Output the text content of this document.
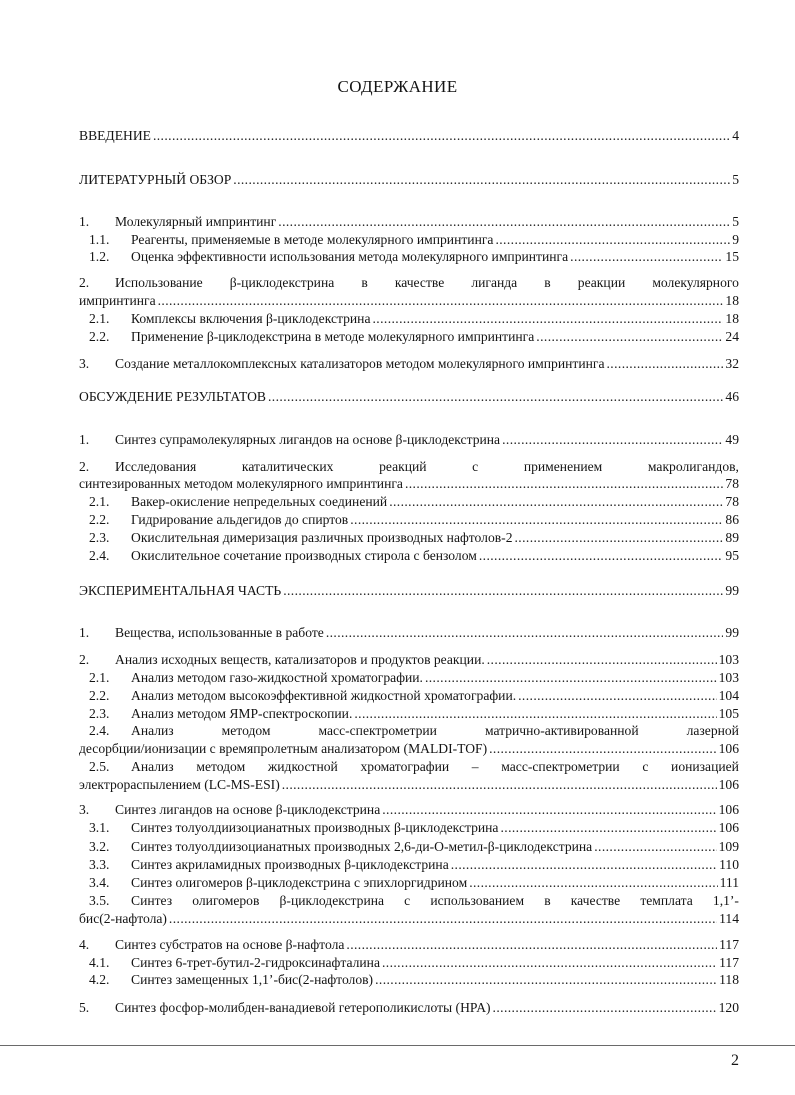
СОДЕРЖАНИЕ
ВВЕДЕНИЕ .....	4
ЛИТЕРАТУРНЫЙ ОБЗОР .....	5
1.	Молекулярный импринтинг .....	5
1.1.	Реагенты, применяемые в методе молекулярного импринтинга .....	9
1.2.	Оценка эффективности использования метода молекулярного импринтинга .....	15
2.	Использование β-циклодекстрина в качестве лиганда в реакции молекулярного
импринтинга .....	18
2.1.	Комплексы включения β-циклодекстрина .....	18
2.2.	Применение β-циклодекстрина в методе молекулярного импринтинга .....	24
3.	Создание металлокомплексных катализаторов методом молекулярного импринтинга .....	32
ОБСУЖДЕНИЕ РЕЗУЛЬТАТОВ .....	46
1.	Синтез супрамолекулярных лигандов на основе β-циклодекстрина .....	49
2.	Исследования	каталитических	реакций	с	применением	макролигандов,
синтезированных методом молекулярного импринтинга .....	78
2.1.	Вакер-окисление непредельных соединений .....	78
2.2.	Гидрирование альдегидов до спиртов .....	86
2.3.	Окислительная димеризация различных производных нафтолов-2 .....	89
2.4.	Окислительное сочетание производных стирола с бензолом .....	95
ЭКСПЕРИМЕНТАЛЬНАЯ ЧАСТЬ .....	99
1.	Вещества, использованные в работе .....	99
2.	Анализ исходных веществ, катализаторов и продуктов реакции. .....	103
2.1.	Анализ методом газо-жидкостной хроматографии. .....	103
2.2.	Анализ методом высокоэффективной жидкостной хроматографии. .....	104
2.3.	Анализ методом ЯМР-спектроскопии. .....	105
2.4.	Анализ	методом	масс-спектрометрии	матрично-активированной	лазерной
десорбции/ионизации с времяпролетным анализатором (MALDI-TOF) .....	106
2.5.	Анализ методом жидкостной хроматографии – масс-спектрометрии с ионизацией
электрораспылением (LC-MS-ESI) .....	106
3.	Синтез лигандов на основе β-циклодекстрина .....	106
3.1.	Синтез толуолдиизоцианатных производных β-циклодекстрина .....	106
3.2.	Синтез толуолдиизоцианатных производных 2,6-ди-О-метил-β-циклодекстрина .....	109
3.3.	Синтез акриламидных производных β-циклодекстрина .....	110
3.4.	Синтез олигомеров β-циклодекстрина с эпихлоргидрином .....	111
3.5.	Синтез олигомеров β-циклодекстрина с использованием в качестве темплата 1,1’-
бис(2-нафтола) .....	114
4.	Синтез субстратов на основе β-нафтола .....	117
4.1.	Синтез 6-трет-бутил-2-гидроксинафталина .....	117
4.2.	Синтез замещенных 1,1’-бис(2-нафтолов) .....	118
5.	Синтез фосфор-молибден-ванадиевой гетерополикислоты (HPA) .....	120
2
